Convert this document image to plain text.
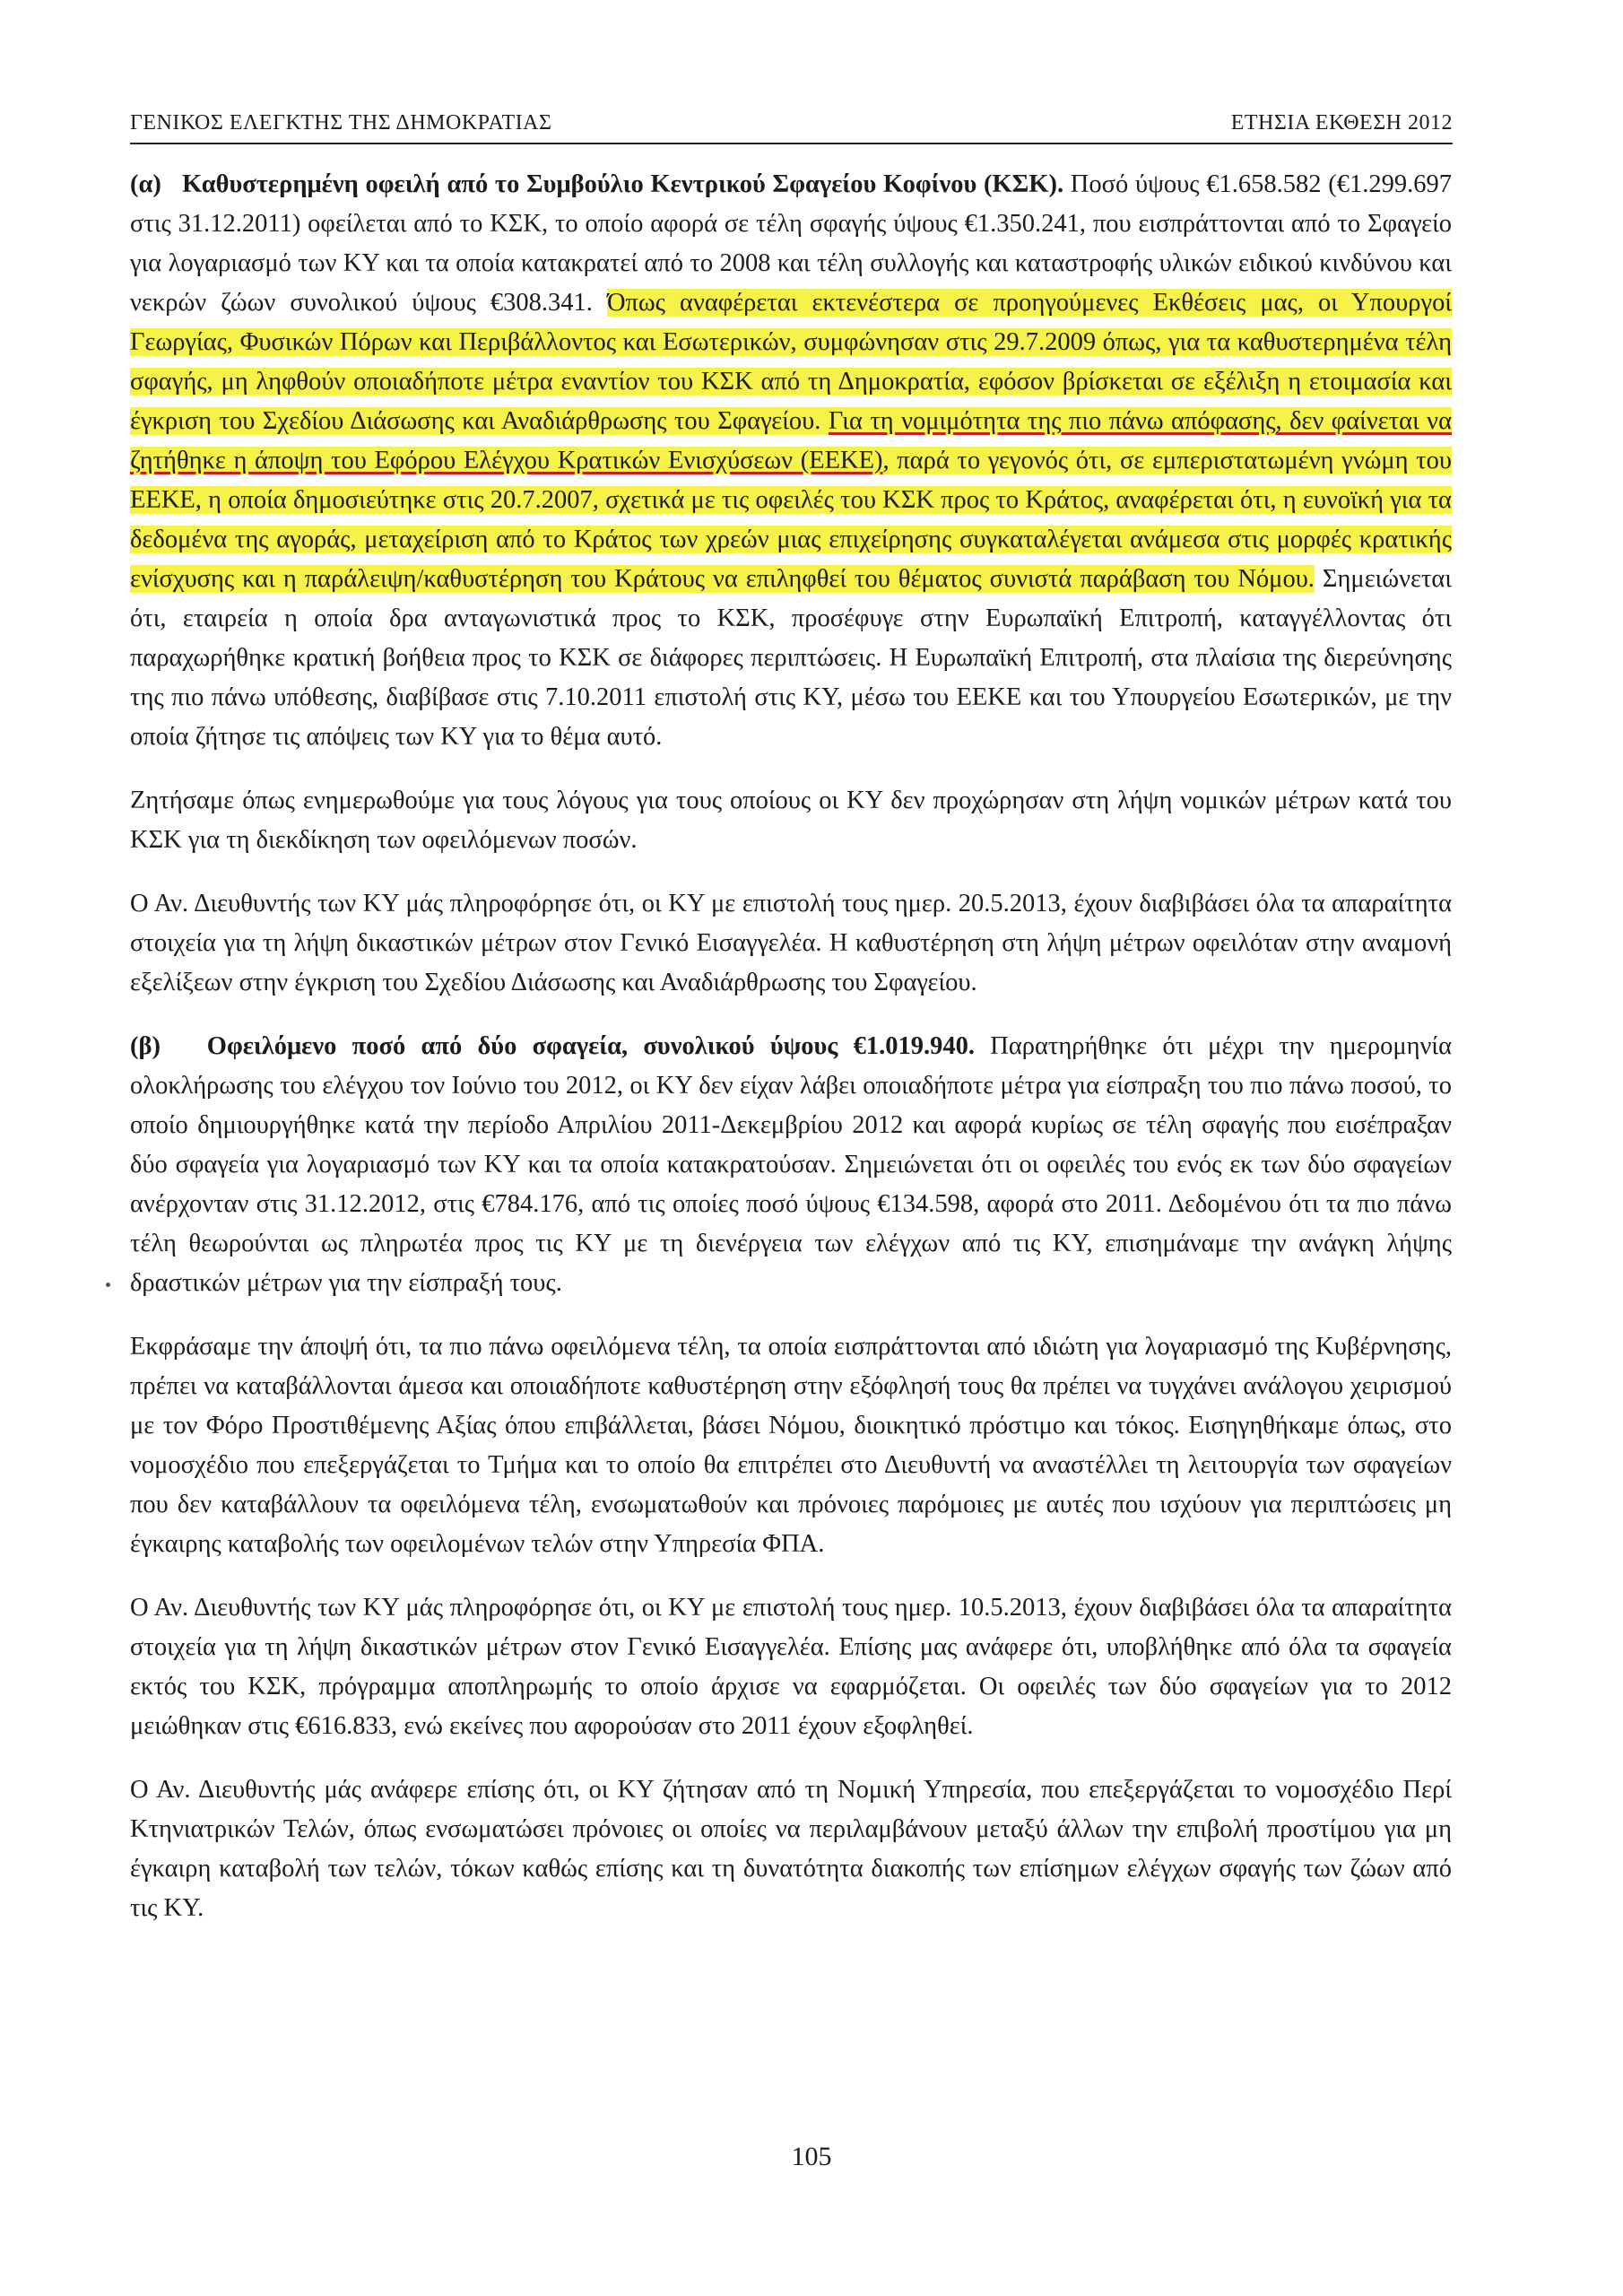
ΓΕΝΙΚΟΣ ΕΛΕΓΚΤΗΣ ΤΗΣ ΔΗΜΟΚΡΑΤΙΑΣ	ΕΤΗΣΙΑ ΕΚΘΕΣΗ 2012

(α) Καθυστερημένη οφειλή από το Συμβούλιο Κεντρικού Σφαγείου Κοφίνου (ΚΣΚ). Ποσό ύψους €1.658.582 (€1.299.697 στις 31.12.2011) οφείλεται από το ΚΣΚ, το οποίο αφορά σε τέλη σφαγής ύψους €1.350.241, που εισπράττονται από το Σφαγείο για λογαριασμό των ΚΥ και τα οποία κατακρατεί από το 2008 και τέλη συλλογής και καταστροφής υλικών ειδικού κινδύνου και νεκρών ζώων συνολικού ύψους €308.341. Όπως αναφέρεται εκτενέστερα σε προηγούμενες Εκθέσεις μας, οι Υπουργοί Γεωργίας, Φυσικών Πόρων και Περιβάλλοντος και Εσωτερικών, συμφώνησαν στις 29.7.2009 όπως, για τα καθυστερημένα τέλη σφαγής, μη ληφθούν οποιαδήποτε μέτρα εναντίον του ΚΣΚ από τη Δημοκρατία, εφόσον βρίσκεται σε εξέλιξη η ετοιμασία και έγκριση του Σχεδίου Διάσωσης και Αναδιάρθρωσης του Σφαγείου. Για τη νομιμότητα της πιο πάνω απόφασης, δεν φαίνεται να ζητήθηκε η άποψη του Εφόρου Ελέγχου Κρατικών Ενισχύσεων (ΕΕΚΕ), παρά το γεγονός ότι, σε εμπεριστατωμένη γνώμη του ΕΕΚΕ, η οποία δημοσιεύτηκε στις 20.7.2007, σχετικά με τις οφειλές του ΚΣΚ προς το Κράτος, αναφέρεται ότι, η ευνοϊκή για τα δεδομένα της αγοράς, μεταχείριση από το Κράτος των χρεών μιας επιχείρησης συγκαταλέγεται ανάμεσα στις μορφές κρατικής ενίσχυσης και η παράλειψη/καθυστέρηση του Κράτους να επιληφθεί του θέματος συνιστά παράβαση του Νόμου. Σημειώνεται ότι, εταιρεία η οποία δρα ανταγωνιστικά προς το ΚΣΚ, προσέφυγε στην Ευρωπαϊκή Επιτροπή, καταγγέλλοντας ότι παραχωρήθηκε κρατική βοήθεια προς το ΚΣΚ σε διάφορες περιπτώσεις. Η Ευρωπαϊκή Επιτροπή, στα πλαίσια της διερεύνησης της πιο πάνω υπόθεσης, διαβίβασε στις 7.10.2011 επιστολή στις ΚΥ, μέσω του ΕΕΚΕ και του Υπουργείου Εσωτερικών, με την οποία ζήτησε τις απόψεις των ΚΥ για το θέμα αυτό.

Ζητήσαμε όπως ενημερωθούμε για τους λόγους για τους οποίους οι ΚΥ δεν προχώρησαν στη λήψη νομικών μέτρων κατά του ΚΣΚ για τη διεκδίκηση των οφειλόμενων ποσών.

Ο Αν. Διευθυντής των ΚΥ μάς πληροφόρησε ότι, οι ΚΥ με επιστολή τους ημερ. 20.5.2013, έχουν διαβιβάσει όλα τα απαραίτητα στοιχεία για τη λήψη δικαστικών μέτρων στον Γενικό Εισαγγελέα. Η καθυστέρηση στη λήψη μέτρων οφειλόταν στην αναμονή εξελίξεων στην έγκριση του Σχεδίου Διάσωσης και Αναδιάρθρωσης του Σφαγείου.

(β) Οφειλόμενο ποσό από δύο σφαγεία, συνολικού ύψους €1.019.940. Παρατηρήθηκε ότι μέχρι την ημερομηνία ολοκλήρωσης του ελέγχου τον Ιούνιο του 2012, οι ΚΥ δεν είχαν λάβει οποιαδήποτε μέτρα για είσπραξη του πιο πάνω ποσού, το οποίο δημιουργήθηκε κατά την περίοδο Απριλίου 2011-Δεκεμβρίου 2012 και αφορά κυρίως σε τέλη σφαγής που εισέπραξαν δύο σφαγεία για λογαριασμό των ΚΥ και τα οποία κατακρατούσαν. Σημειώνεται ότι οι οφειλές του ενός εκ των δύο σφαγείων ανέρχονταν στις 31.12.2012, στις €784.176, από τις οποίες ποσό ύψους €134.598, αφορά στο 2011. Δεδομένου ότι τα πιο πάνω τέλη θεωρούνται ως πληρωτέα προς τις ΚΥ με τη διενέργεια των ελέγχων από τις ΚΥ, επισημάναμε την ανάγκη λήψης δραστικών μέτρων για την είσπραξή τους.

Εκφράσαμε την άποψή ότι, τα πιο πάνω οφειλόμενα τέλη, τα οποία εισπράττονται από ιδιώτη για λογαριασμό της Κυβέρνησης, πρέπει να καταβάλλονται άμεσα και οποιαδήποτε καθυστέρηση στην εξόφλησή τους θα πρέπει να τυγχάνει ανάλογου χειρισμού με τον Φόρο Προστιθέμενης Αξίας όπου επιβάλλεται, βάσει Νόμου, διοικητικό πρόστιμο και τόκος. Εισηγηθήκαμε όπως, στο νομοσχέδιο που επεξεργάζεται το Τμήμα και το οποίο θα επιτρέπει στο Διευθυντή να αναστέλλει τη λειτουργία των σφαγείων που δεν καταβάλλουν τα οφειλόμενα τέλη, ενσωματωθούν και πρόνοιες παρόμοιες με αυτές που ισχύουν για περιπτώσεις μη έγκαιρης καταβολής των οφειλομένων τελών στην Υπηρεσία ΦΠΑ.

Ο Αν. Διευθυντής των ΚΥ μάς πληροφόρησε ότι, οι ΚΥ με επιστολή τους ημερ. 10.5.2013, έχουν διαβιβάσει όλα τα απαραίτητα στοιχεία για τη λήψη δικαστικών μέτρων στον Γενικό Εισαγγελέα. Επίσης μας ανάφερε ότι, υποβλήθηκε από όλα τα σφαγεία εκτός του ΚΣΚ, πρόγραμμα αποπληρωμής το οποίο άρχισε να εφαρμόζεται. Οι οφειλές των δύο σφαγείων για το 2012 μειώθηκαν στις €616.833, ενώ εκείνες που αφορούσαν στο 2011 έχουν εξοφληθεί.

Ο Αν. Διευθυντής μάς ανάφερε επίσης ότι, οι ΚΥ ζήτησαν από τη Νομική Υπηρεσία, που επεξεργάζεται το νομοσχέδιο Περί Κτηνιατρικών Τελών, όπως ενσωματώσει πρόνοιες οι οποίες να περιλαμβάνουν μεταξύ άλλων την επιβολή προστίμου για μη έγκαιρη καταβολή των τελών, τόκων καθώς επίσης και τη δυνατότητα διακοπής των επίσημων ελέγχων σφαγής των ζώων από τις ΚΥ.

105
